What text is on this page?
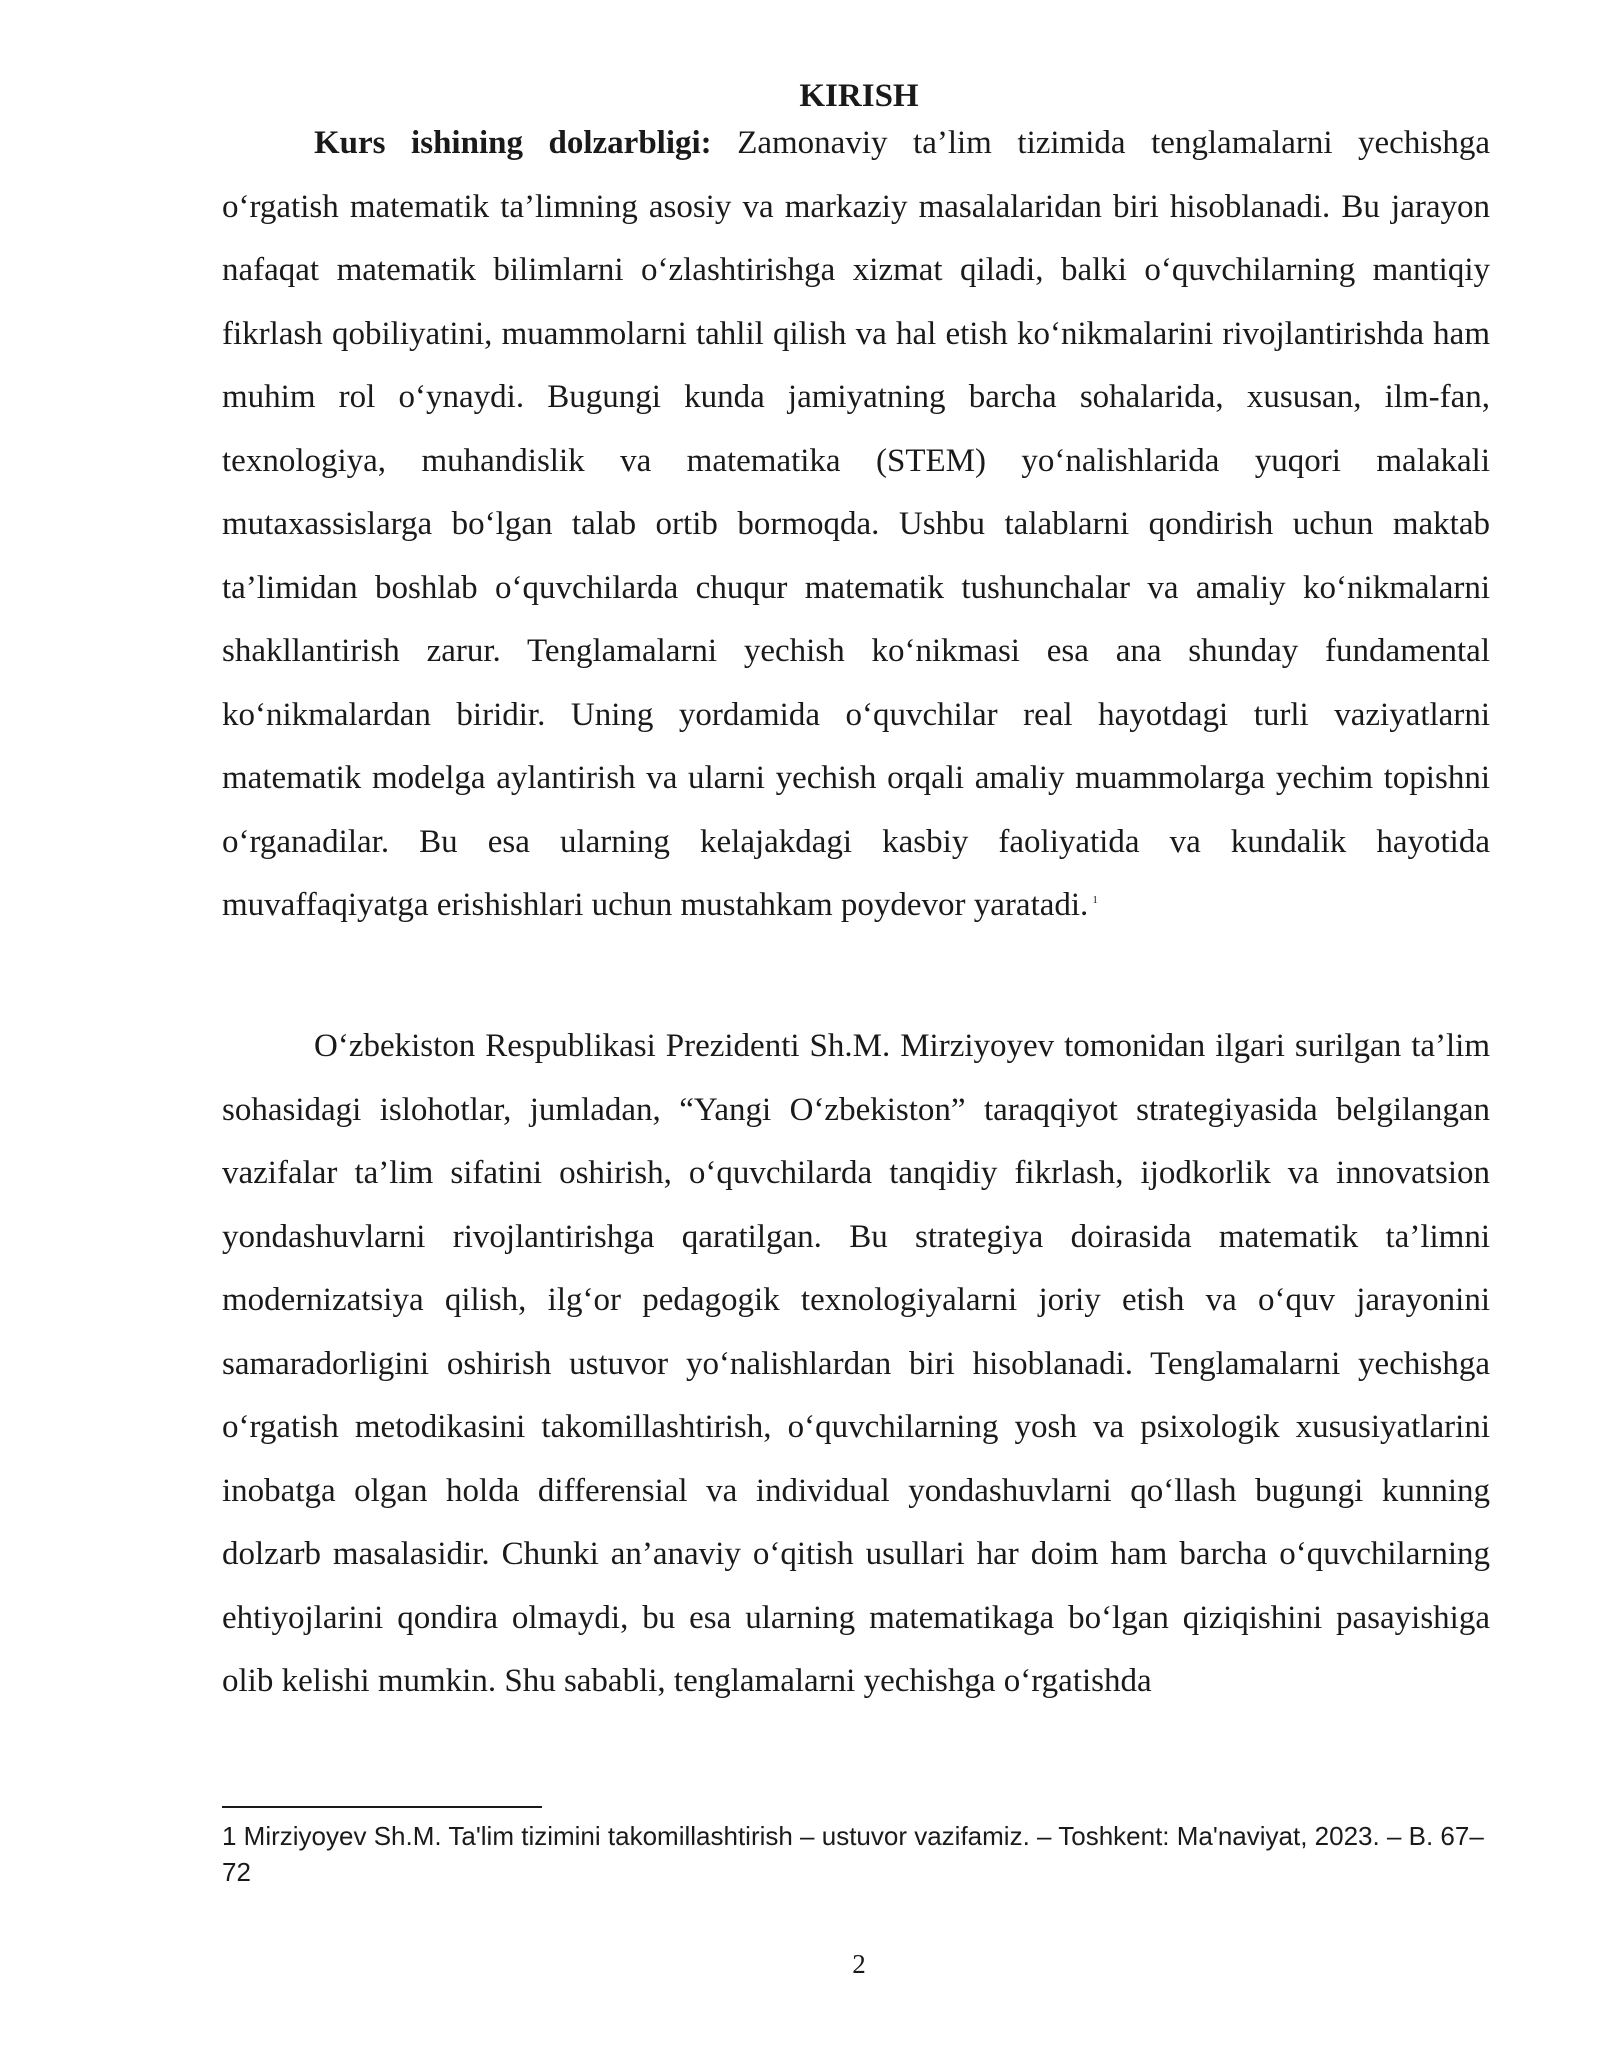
KIRISH

Kurs ishining dolzarbligi: Zamonaviy ta’lim tizimida tenglamalarni yechishga o‘rgatish matematik ta’limning asosiy va markaziy masalalaridan biri hisoblanadi. Bu jarayon nafaqat matematik bilimlarni o‘zlashtirishga xizmat qiladi, balki o‘quvchilarning mantiqiy fikrlash qobiliyatini, muammolarni tahlil qilish va hal etish ko‘nikmalarini rivojlantirishda ham muhim rol o‘ynaydi. Bugungi kunda jamiyatning barcha sohalarida, xususan, ilm-fan, texnologiya, muhandislik va matematika (STEM) yo‘nalishlarida yuqori malakali mutaxassislarga bo‘lgan talab ortib bormoqda. Ushbu talablarni qondirish uchun maktab ta’limidan boshlab o‘quvchilarda chuqur matematik tushunchalar va amaliy ko‘nikmalarni shakllantirish zarur. Tenglamalarni yechish ko‘nikmasi esa ana shunday fundamental ko‘nikmalardan biridir. Uning yordamida o‘quvchilar real hayotdagi turli vaziyatlarni matematik modelga aylantirish va ularni yechish orqali amaliy muammolarga yechim topishni o‘rganadilar. Bu esa ularning kelajakdagi kasbiy faoliyatida va kundalik hayotida muvaffaqiyatga erishishlari uchun mustahkam poydevor yaratadi. $^1$

O‘zbekiston Respublikasi Prezidenti Sh.M. Mirziyoyev tomonidan ilgari surilgan ta’lim sohasidagi islohotlar, jumladan, “Yangi O‘zbekiston” taraqqiyot strategiyasida belgilangan vazifalar ta’lim sifatini oshirish, o‘quvchilarda tanqidiy fikrlash, ijodkorlik va innovatsion yondashuvlarni rivojlantirishga qaratilgan. Bu strategiya doirasida matematik ta’limni modernizatsiya qilish, ilg‘or pedagogik texnologiyalarni joriy etish va o‘quv jarayonini samaradorligini oshirish ustuvor yo‘nalishlardan biri hisoblanadi. Tenglamalarni yechishga o‘rgatish metodikasini takomillashtirish, o‘quvchilarning yosh va psixologik xususiyatlarini inobatga olgan holda differensial va individual yondashuvlarni qo‘llash bugungi kunning dolzarb masalasidir. Chunki an’anaviy o‘qitish usullari har doim ham barcha o‘quvchilarning ehtiyojlarini qondira olmaydi, bu esa ularning matematikaga bo‘lgan qiziqishini pasayishiga olib kelishi mumkin. Shu sababli, tenglamalarni yechishga o‘rgatishda

1 Mirziyoyev Sh.M. Ta'lim tizimini takomillashtirish – ustuvor vazifamiz. – Toshkent: Ma'naviyat, 2023. – B. 67–72

2
